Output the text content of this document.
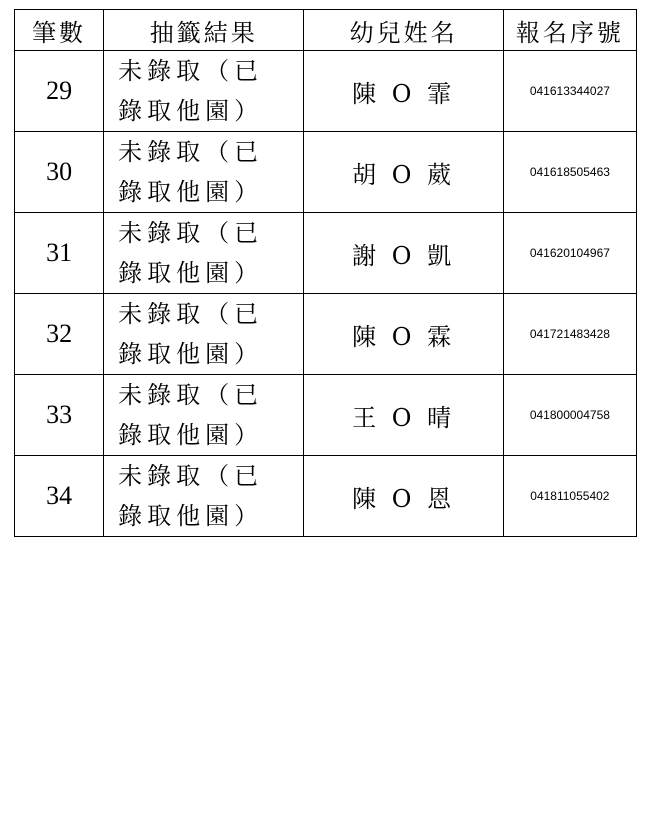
筆數	抽籤結果	幼兒姓名	報名序號
29	未錄取（已錄取他園）	陳 O 霏	041613344027
30	未錄取（已錄取他園）	胡 O 葳	041618505463
31	未錄取（已錄取他園）	謝 O 凱	041620104967
32	未錄取（已錄取他園）	陳 O 霖	041721483428
33	未錄取（已錄取他園）	王 O 晴	041800004758
34	未錄取（已錄取他園）	陳 O 恩	041811055402
